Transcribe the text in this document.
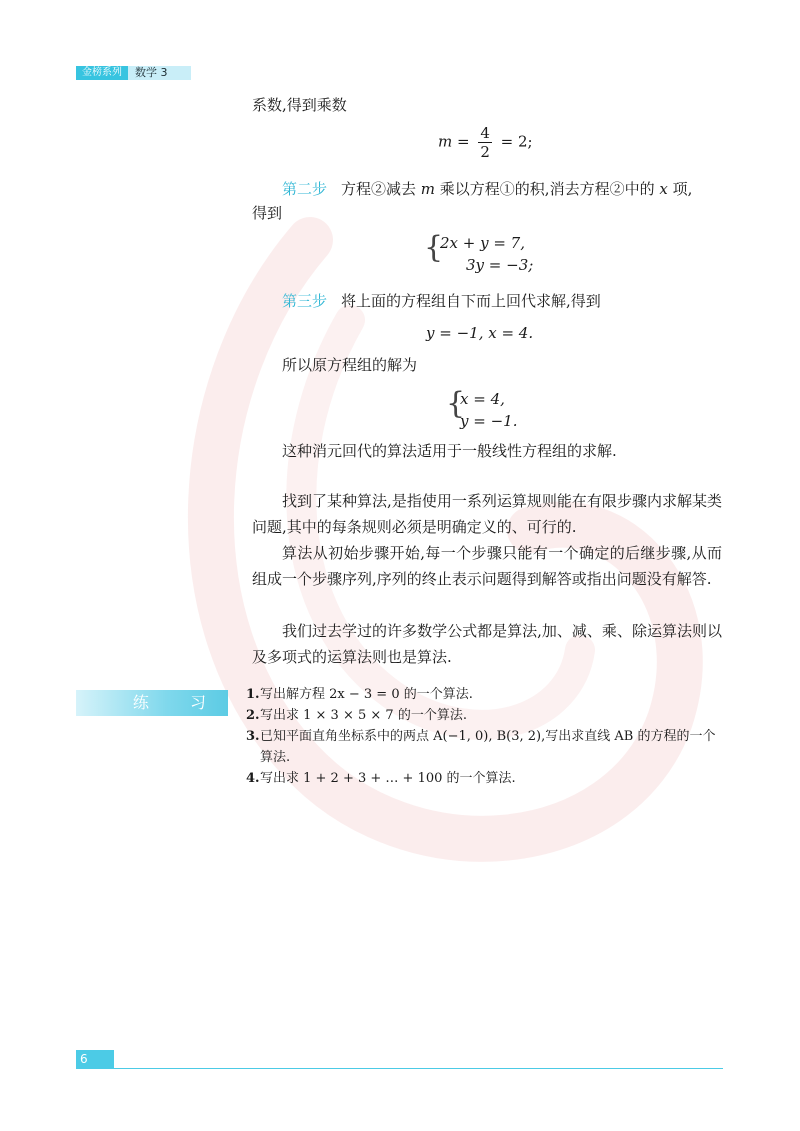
金榜系列	数学 3
系数,得到乘数
$m = \frac{4}{2} = 2$;
第二步 方程②减去 m 乘以方程①的积,消去方程②中的 x 项,
得到
{
2x + y = 7,
3y = −3;
第三步 将上面的方程组自下而上回代求解,得到
y = −1, x = 4.
所以原方程组的解为
{
x = 4,
y = −1.
这种消元回代的算法适用于一般线性方程组的求解.
找到了某种算法,是指使用一系列运算规则能在有限步骤内求解某类问题,其中的每条规则必须是明确定义的、可行的.
算法从初始步骤开始,每一个步骤只能有一个确定的后继步骤,从而组成一个步骤序列,序列的终止表示问题得到解答或指出问题没有解答.
我们过去学过的许多数学公式都是算法,加、减、乘、除运算法则以及多项式的运算法则也是算法.
练 习	1. 写出解方程 2x − 3 = 0 的一个算法.
2. 写出求 1 × 3 × 5 × 7 的一个算法.
3. 已知平面直角坐标系中的两点 A(−1, 0), B(3, 2),写出求直线 AB 的方程的一个算法.
4. 写出求 1 + 2 + 3 + … + 100 的一个算法.
6
